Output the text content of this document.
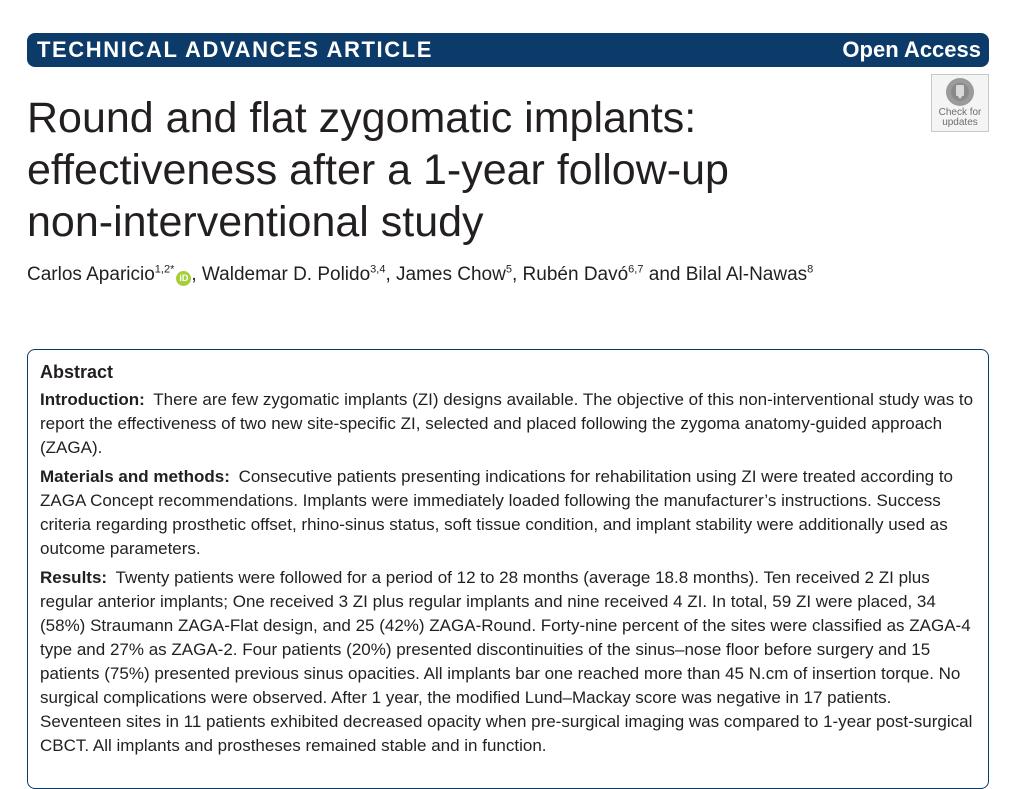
TECHNICAL ADVANCES ARTICLE	Open Access
Check for
updates
Round and flat zygomatic implants:
effectiveness after a 1-year follow-up
non-interventional study
Carlos Aparicio$^{1,2*}$iD , Waldemar D. Polido$^{3,4}$, James Chow$^5$, Rubén Davó$^{6,7}$ and Bilal Al-Nawas$^8$
Abstract

Introduction: There are few zygomatic implants (ZI) designs available. The objective of this non-interventional study was to report the effectiveness of two new site-specific ZI, selected and placed following the zygoma anatomy-guided approach (ZAGA).

Materials and methods: Consecutive patients presenting indications for rehabilitation using ZI were treated according to ZAGA Concept recommendations. Implants were immediately loaded following the manufacturer’s instructions. Success criteria regarding prosthetic offset, rhino-sinus status, soft tissue condition, and implant stability were additionally used as outcome parameters.

Results: Twenty patients were followed for a period of 12 to 28 months (average 18.8 months). Ten received 2 ZI plus regular anterior implants; One received 3 ZI plus regular implants and nine received 4 ZI. In total, 59 ZI were placed, 34 (58%) Straumann ZAGA-Flat design, and 25 (42%) ZAGA-Round. Forty-nine percent of the sites were classified as ZAGA-4 type and 27% as ZAGA-2. Four patients (20%) presented discontinuities of the sinus–nose floor before surgery and 15 patients (75%) presented previous sinus opacities. All implants bar one reached more than 45 N.cm of insertion torque. No surgical complications were observed. After 1 year, the modified Lund–Mackay score was negative in 17 patients. Seventeen sites in 11 patients exhibited decreased opacity when pre-surgical imaging was compared to 1-year post-surgical CBCT. All implants and prostheses remained stable and in function.
